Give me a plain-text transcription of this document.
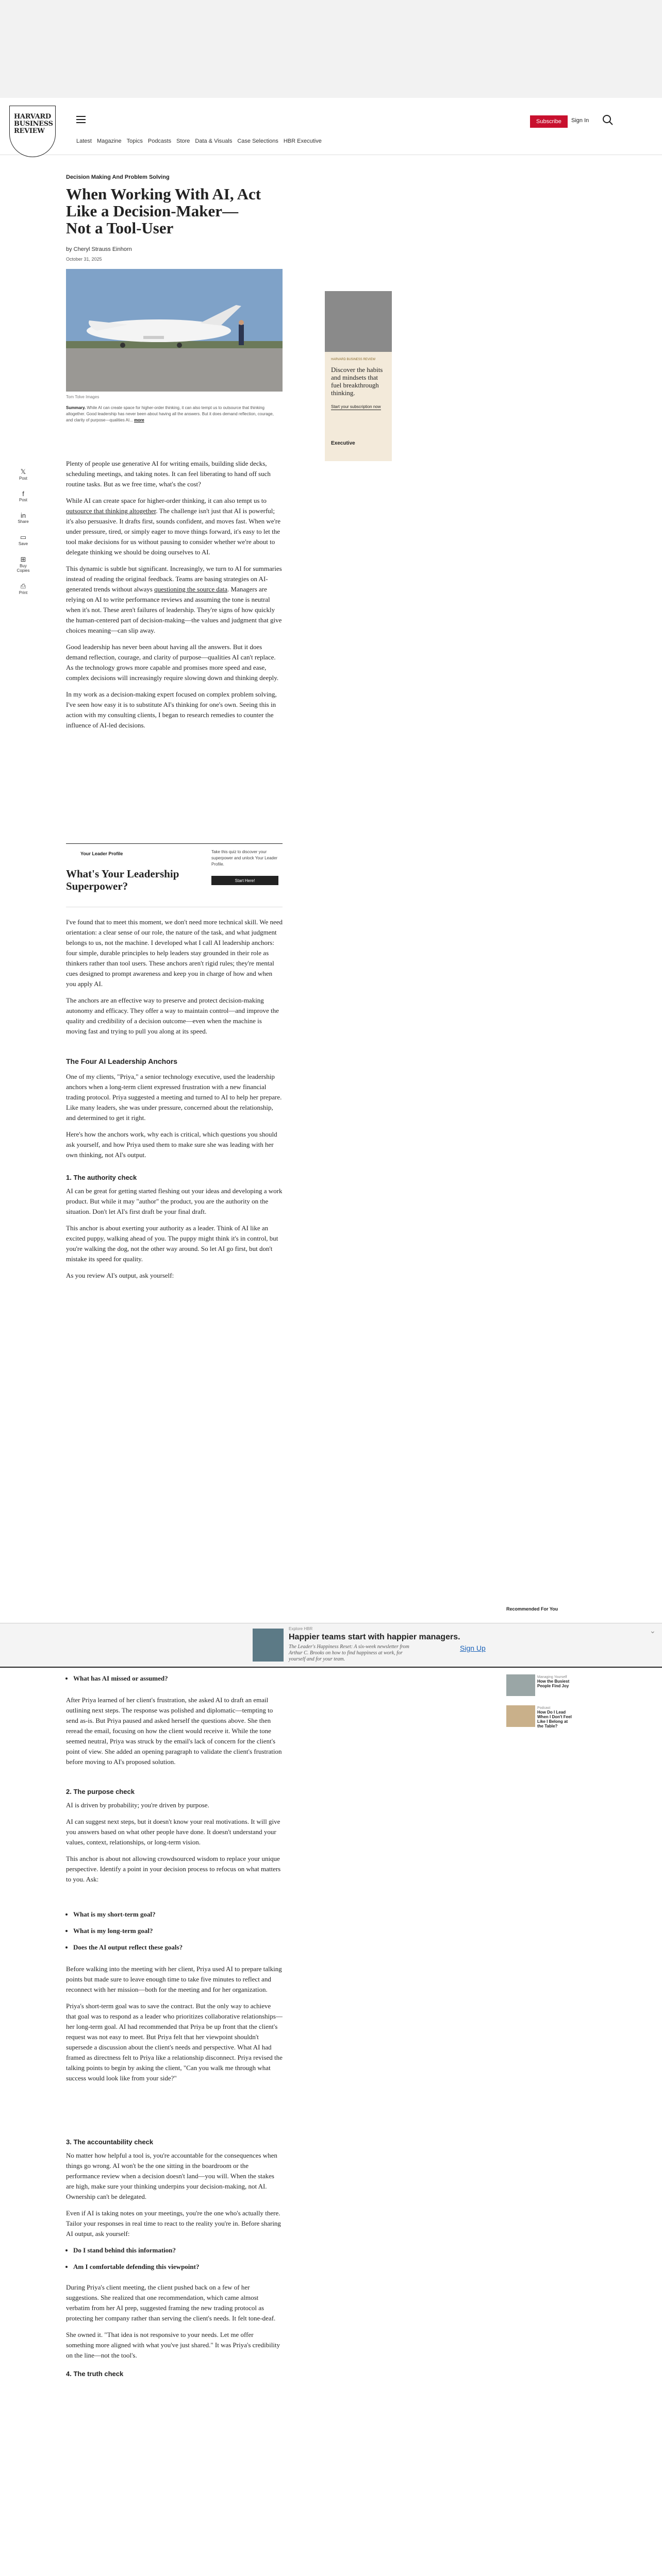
HARVARD BUSINESS REVIEW
Latest Magazine Topics Podcasts Store Data & Visuals Case Selections HBR Executive
Subscribe	Sign In
Decision Making And Problem Solving
When Working With AI, Act Like a Decision-Maker—Not a Tool-User
by Cheryl Strauss Einhorn
October 31, 2025
Tom Tolve Images
Summary. While AI can create space for higher-order thinking, it can also tempt us to outsource that thinking altogether. Good leadership has never been about having all the answers. But it does demand reflection, courage, and clarity of purpose—qualities AI... more
𝕏
Post
f
Post
in
Share
▭
Save
⊞
Buy Copies
⎙
Print
HARVARD BUSINESS REVIEW
Discover the habits and mindsets that fuel breakthrough thinking.
Start your subscription now
Executive

Plenty of people use generative AI for writing emails, building slide decks, scheduling meetings, and taking notes. It can feel liberating to hand off such routine tasks. But as we free time, what's the cost?

While AI can create space for higher-order thinking, it can also tempt us to outsource that thinking altogether. The challenge isn't just that AI is powerful; it's also persuasive. It drafts first, sounds confident, and moves fast. When we're under pressure, tired, or simply eager to move things forward, it's easy to let the tool make decisions for us without pausing to consider whether we're about to delegate thinking we should be doing ourselves to AI.

This dynamic is subtle but significant. Increasingly, we turn to AI for summaries instead of reading the original feedback. Teams are basing strategies on AI-generated trends without always questioning the source data. Managers are relying on AI to write performance reviews and assuming the tone is neutral when it's not. These aren't failures of leadership. They're signs of how quickly the human-centered part of decision-making—the values and judgment that give choices meaning—can slip away.

Good leadership has never been about having all the answers. But it does demand reflection, courage, and clarity of purpose—qualities AI can't replace. As the technology grows more capable and promises more speed and ease, complex decisions will increasingly require slowing down and thinking deeply.

In my work as a decision-making expert focused on complex problem solving, I've seen how easy it is to substitute AI's thinking for one's own. Seeing this in action with my consulting clients, I began to research remedies to counter the influence of AI-led decisions.

Your Leader Profile
What's Your Leadership Superpower?
Take this quiz to discover your superpower and unlock Your Leader Profile.
Start Here!

I've found that to meet this moment, we don't need more technical skill. We need orientation: a clear sense of our role, the nature of the task, and what judgment belongs to us, not the machine. I developed what I call AI leadership anchors: four simple, durable principles to help leaders stay grounded in their role as thinkers rather than tool users. These anchors aren't rigid rules; they're mental cues designed to prompt awareness and keep you in charge of how and when you apply AI.

The anchors are an effective way to preserve and protect decision-making autonomy and efficacy. They offer a way to maintain control—and improve the quality and credibility of a decision outcome—even when the machine is moving fast and trying to pull you along at its speed.

The Four AI Leadership Anchors

One of my clients, "Priya," a senior technology executive, used the leadership anchors when a long-term client expressed frustration with a new financial trading protocol. Priya suggested a meeting and turned to AI to help her prepare. Like many leaders, she was under pressure, concerned about the relationship, and determined to get it right.

Here's how the anchors work, why each is critical, which questions you should ask yourself, and how Priya used them to make sure she was leading with her own thinking, not AI's output.

1. The authority check

AI can be great for getting started fleshing out your ideas and developing a work product. But while it may "author" the product, you are the authority on the situation. Don't let AI's first draft be your final draft.

This anchor is about exerting your authority as a leader. Think of AI like an excited puppy, walking ahead of you. The puppy might think it's in control, but you're walking the dog, not the other way around. So let AI go first, but don't mistake its speed for quality.

As you review AI's output, ask yourself:

• What has AI missed or assumed?

After Priya learned of her client's frustration, she asked AI to draft an email outlining next steps. The response was polished and diplomatic—tempting to send as-is. But Priya paused and asked herself the questions above. She then reread the email, focusing on how the client would receive it. While the tone seemed neutral, Priya was struck by the email's lack of concern for the client's point of view. She added an opening paragraph to validate the client's frustration before moving to AI's proposed solution.

2. The purpose check

AI is driven by probability; you're driven by purpose.

AI can suggest next steps, but it doesn't know your real motivations. It will give you answers based on what other people have done. It doesn't understand your values, context, relationships, or long-term vision.

This anchor is about not allowing crowdsourced wisdom to replace your unique perspective. Identify a point in your decision process to refocus on what matters to you. Ask:

• What is my short-term goal?
• What is my long-term goal?
• Does the AI output reflect these goals?

Before walking into the meeting with her client, Priya used AI to prepare talking points but made sure to leave enough time to take five minutes to reflect and reconnect with her mission—both for the meeting and for her organization.

Priya's short-term goal was to save the contract. But the only way to achieve that goal was to respond as a leader who prioritizes collaborative relationships—her long-term goal. AI had recommended that Priya be up front that the client's request was not easy to meet. But Priya felt that her viewpoint shouldn't supersede a discussion about the client's needs and perspective. What AI had framed as directness felt to Priya like a relationship disconnect. Priya revised the talking points to begin by asking the client, "Can you walk me through what success would look like from your side?"

3. The accountability check

No matter how helpful a tool is, you're accountable for the consequences when things go wrong. AI won't be the one sitting in the boardroom or the performance review when a decision doesn't land—you will. When the stakes are high, make sure your thinking underpins your decision-making, not AI. Ownership can't be delegated.

Even if AI is taking notes on your meetings, you're the one who's actually there. Tailor your responses in real time to react to the reality you're in. Before sharing AI output, ask yourself:

• Do I stand behind this information?
• Am I comfortable defending this viewpoint?

During Priya's client meeting, the client pushed back on a few of her suggestions. She realized that one recommendation, which came almost verbatim from her AI prep, suggested framing the new trading protocol as protecting her company rather than serving the client's needs. It felt tone-deaf.

She owned it. "That idea is not responsive to your needs. Let me offer something more aligned with what you've just shared." It was Priya's credibility on the line—not the tool's.

4. The truth check
Recommended For You
Managing Yourself
How the Busiest People Find Joy
Podcast
How Do I Lead When I Don't Feel Like I Belong at the Table?
Explore HBR
Happier teams start with happier managers.
The Leader's Happiness Reset: A six-week newsletter from Arthur C. Brooks on how to find happiness at work, for yourself and for your team.
Sign Up
⌄
